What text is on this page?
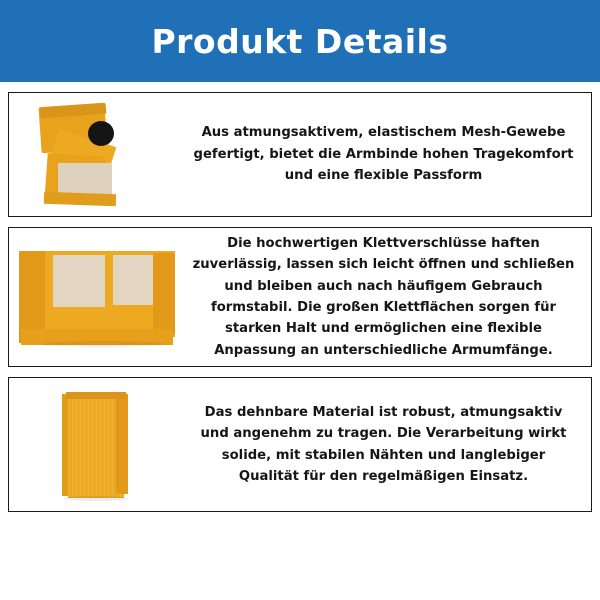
Produkt Details

Aus atmungsaktivem, elastischem Mesh-Gewebe gefertigt, bietet die Armbinde hohen Tragekomfort und eine flexible Passform

Die hochwertigen Klettverschlüsse haften zuverlässig, lassen sich leicht öffnen und schließen und bleiben auch nach häufigem Gebrauch formstabil. Die großen Klettflächen sorgen für starken Halt und ermöglichen eine flexible Anpassung an unterschiedliche Armumfänge.

Das dehnbare Material ist robust, atmungsaktiv und angenehm zu tragen. Die Verarbeitung wirkt solide, mit stabilen Nähten und langlebiger Qualität für den regelmäßigen Einsatz.
